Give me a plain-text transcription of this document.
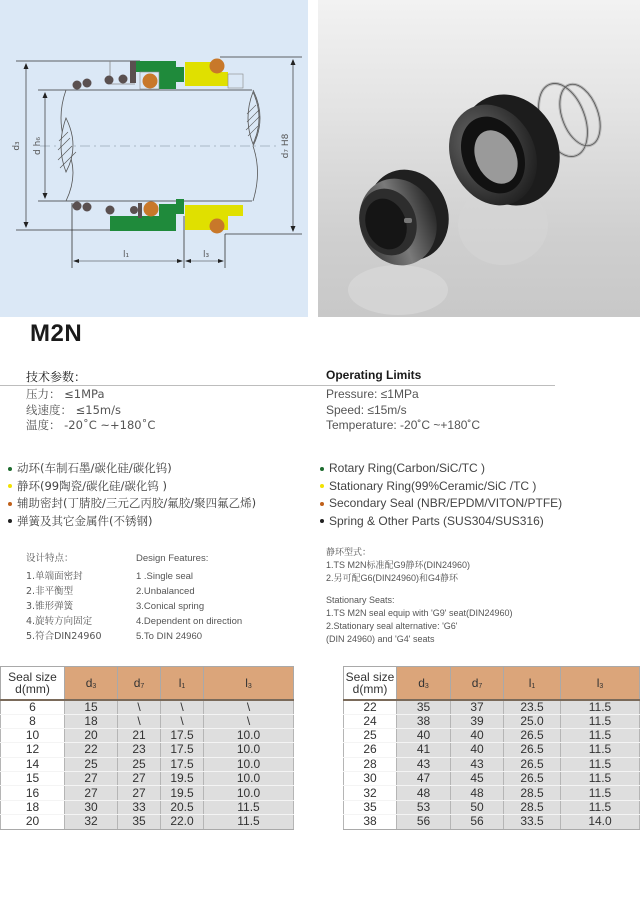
d₃ d h₆	d₇ H8
l₁	l₃
M2N
技术参数：	Operating Limits
压力： ≤1MPa
线速度： ≤15m/s
温度： -20˚C ~+180˚C
Pressure: ≤1MPa
Speed: ≤15m/s
Temperature: -20˚C ~+180˚C
动环(车制石墨/碳化硅/碳化钨)
静环(99陶瓷/碳化硅/碳化钨 )
辅助密封(丁腈胶/三元乙丙胶/氟胶/聚四氟乙烯)
弹簧及其它金属件(不锈钢)
Rotary Ring(Carbon/SiC/TC )
Stationary Ring(99%Ceramic/SiC /TC )
Secondary Seal (NBR/EPDM/VITON/PTFE)
Spring & Other Parts (SUS304/SUS316)
设计特点：
1.单端面密封
2.非平衡型
3.锥形弹簧
4.旋转方向固定
5.符合DIN24960
Design Features:
1 .Single seal
2.Unbalanced
3.Conical spring
4.Dependent on direction
5.To DIN 24960
静环型式：
1.TS M2N标准配G9静环(DIN24960)
2.另可配G6(DIN24960)和G4静环
Stationary Seats:
1.TS M2N seal equip with 'G9' seat(DIN24960)
2.Stationary seal alternative: 'G6'
(DIN 24960) and 'G4' seats
Seal size
d(mm)	$d_3$	$d_7$	$l_1$	$l_3$
6	15	\	\	\
8	18	\	\	\
10	20	21	17.5	10.0
12	22	23	17.5	10.0
14	25	25	17.5	10.0
15	27	27	19.5	10.0
16	27	27	19.5	10.0
18	30	33	20.5	11.5
20	32	35	22.0	11.5
Seal size
d(mm)	$d_3$	$d_7$	$l_1$	$l_3$
22	35	37	23.5	11.5
24	38	39	25.0	11.5
25	40	40	26.5	11.5
26	41	40	26.5	11.5
28	43	43	26.5	11.5
30	47	45	26.5	11.5
32	48	48	28.5	11.5
35	53	50	28.5	11.5
38	56	56	33.5	14.0
